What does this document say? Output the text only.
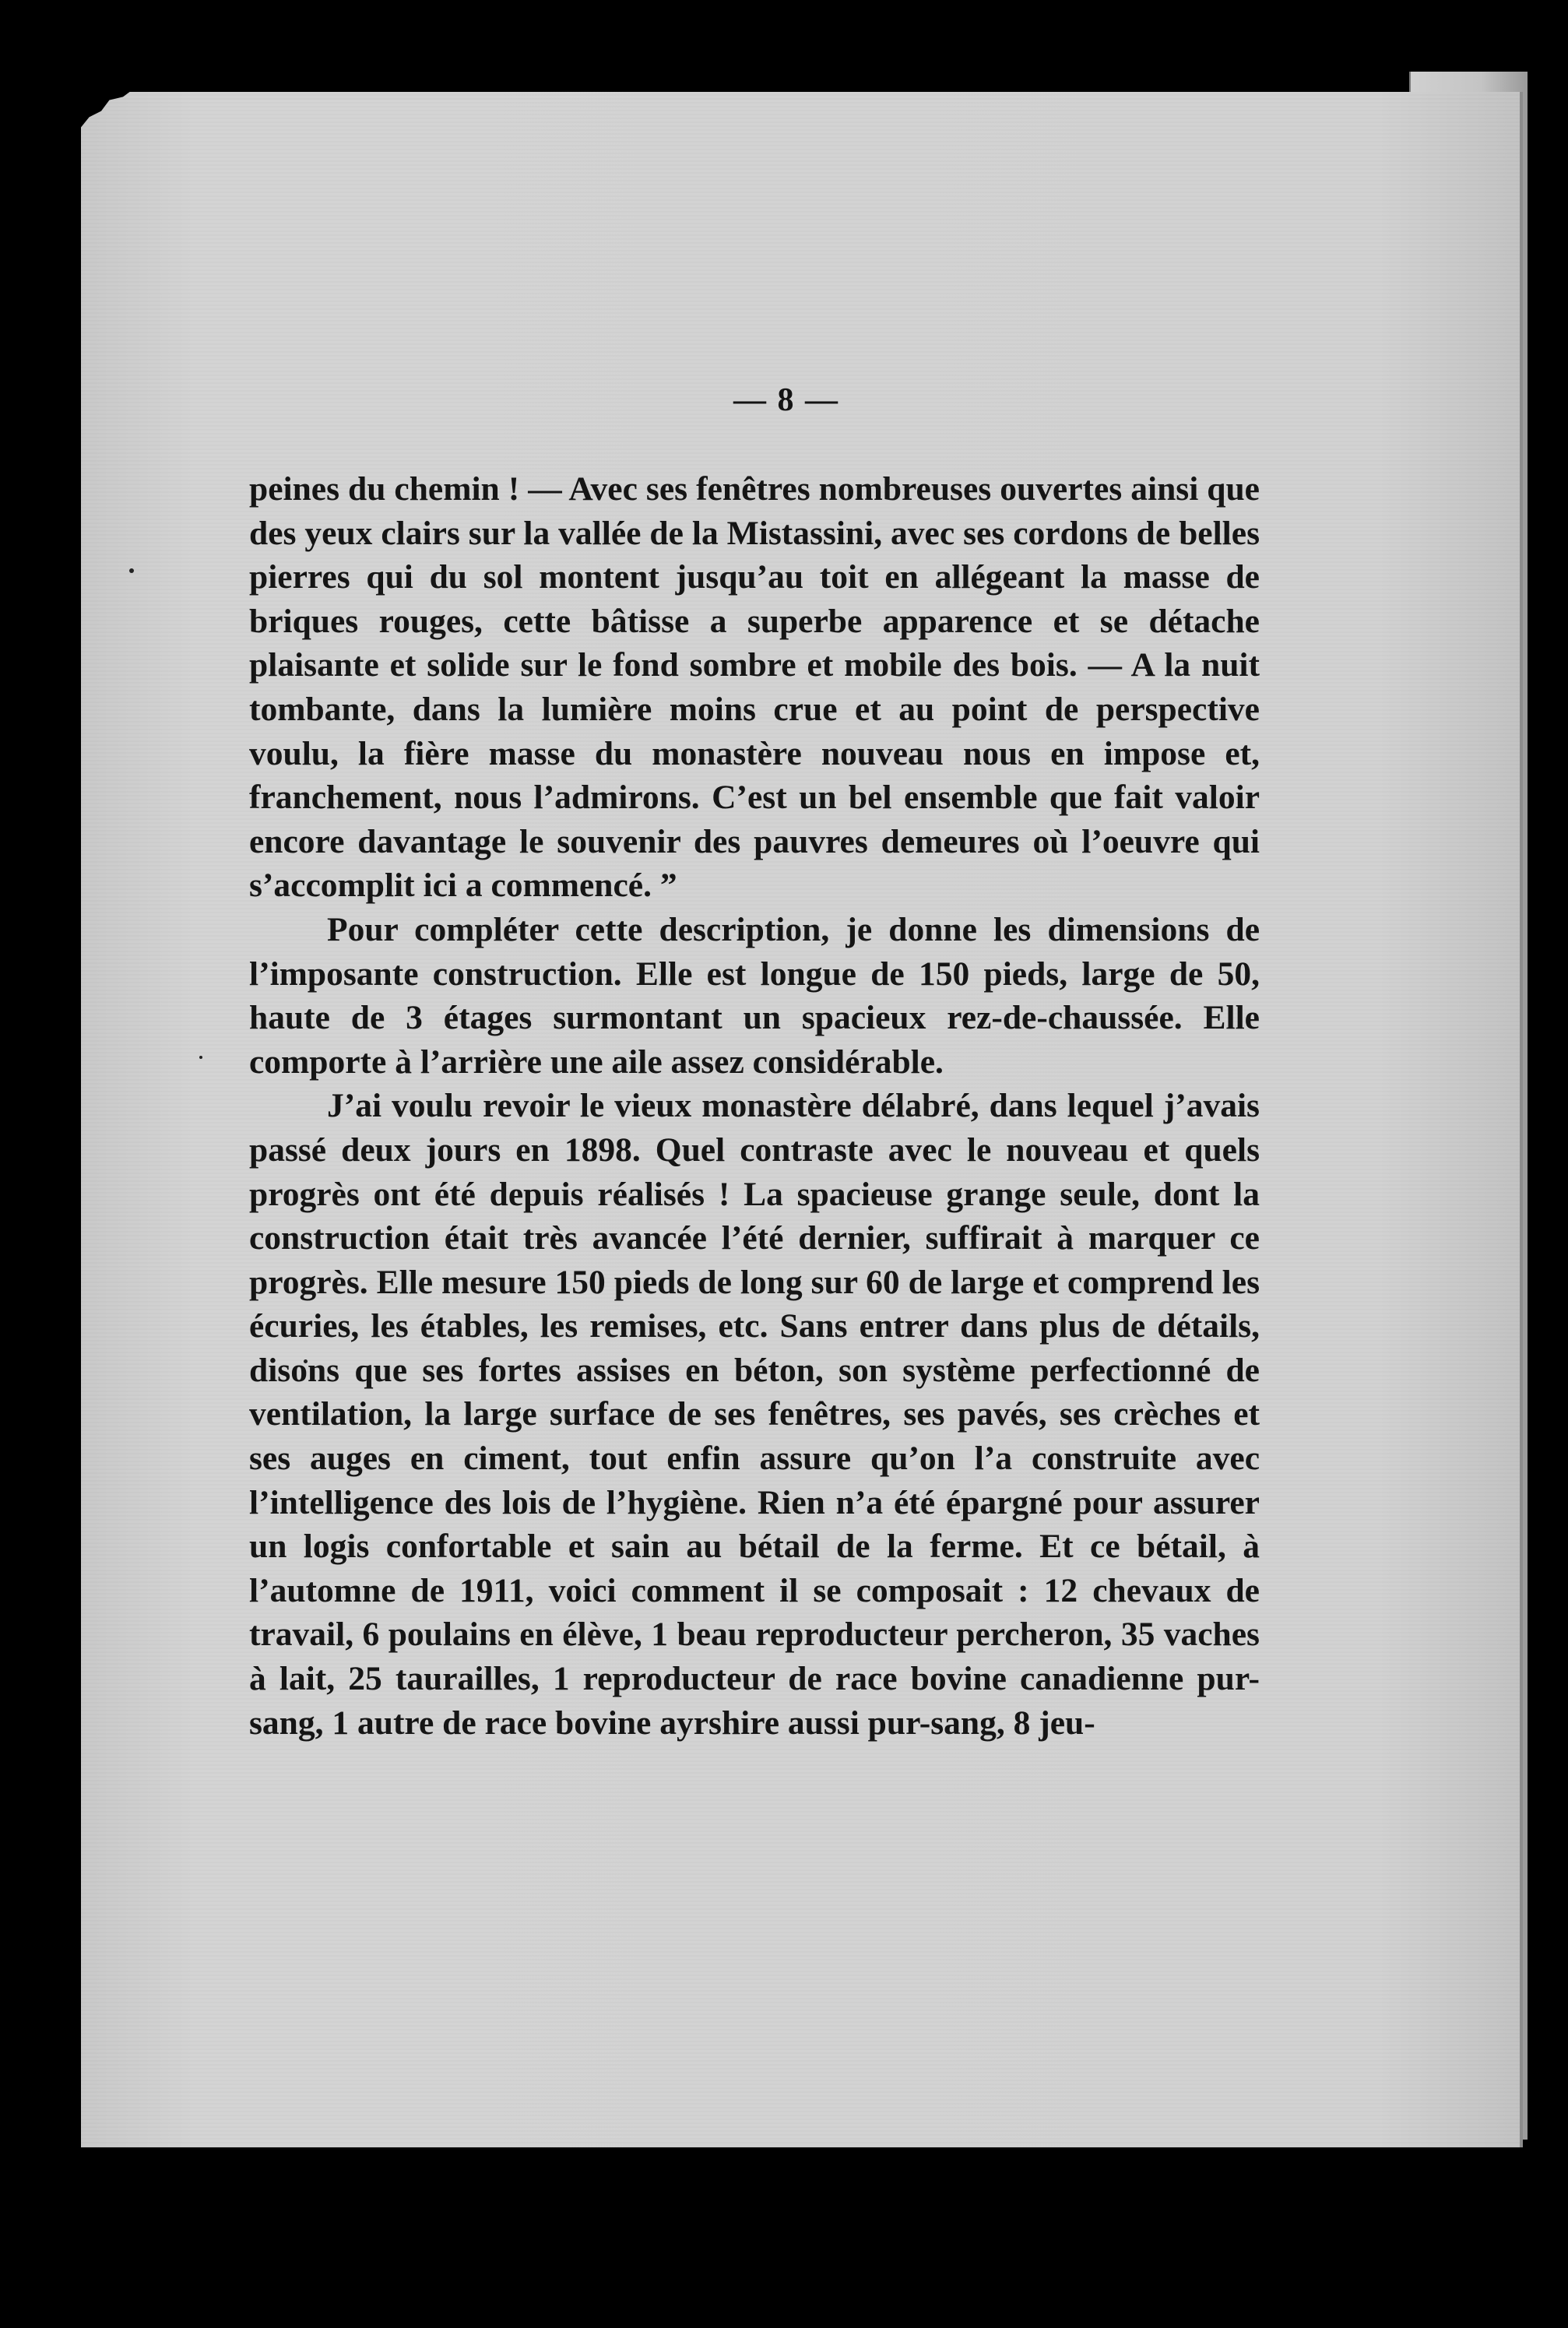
— 8 —

peines du chemin ! — Avec ses fenêtres nombreuses ouvertes ainsi que des yeux clairs sur la vallée de la Mistassini, avec ses cordons de belles pierres qui du sol montent jusqu’au toit en allégeant la masse de briques rouges, cette bâtisse a superbe apparence et se détache plaisante et solide sur le fond sombre et mobile des bois. — A la nuit tombante, dans la lumière moins crue et au point de perspective voulu, la fière masse du monastère nouveau nous en impose et, franchement, nous l’admirons. C’est un bel ensemble que fait valoir encore davantage le souvenir des pauvres demeures où l’oeuvre qui s’accomplit ici a commencé. ”

Pour compléter cette description, je donne les dimensions de l’imposante construction. Elle est longue de 150 pieds, large de 50, haute de 3 étages surmontant un spacieux rez-de-chaussée. Elle comporte à l’arrière une aile assez considérable.

J’ai voulu revoir le vieux monastère délabré, dans lequel j’avais passé deux jours en 1898. Quel contraste avec le nouveau et quels progrès ont été depuis réalisés ! La spacieuse grange seule, dont la construction était très avancée l’été dernier, suffirait à marquer ce progrès. Elle mesure 150 pieds de long sur 60 de large et comprend les écuries, les étables, les remises, etc. Sans entrer dans plus de détails, disons que ses fortes assises en béton, son système perfectionné de ventilation, la large surface de ses fenêtres, ses pavés, ses crèches et ses auges en ciment, tout enfin assure qu’on l’a construite avec l’intelligence des lois de l’hygiène. Rien n’a été épargné pour assurer un logis confortable et sain au bétail de la ferme. Et ce bétail, à l’automne de 1911, voici comment il se composait : 12 chevaux de travail, 6 poulains en élève, 1 beau reproducteur percheron, 35 vaches à lait, 25 taurailles, 1 reproducteur de race bovine canadienne pur-sang, 1 autre de race bovine ayrshire aussi pur-sang, 8 jeu-
